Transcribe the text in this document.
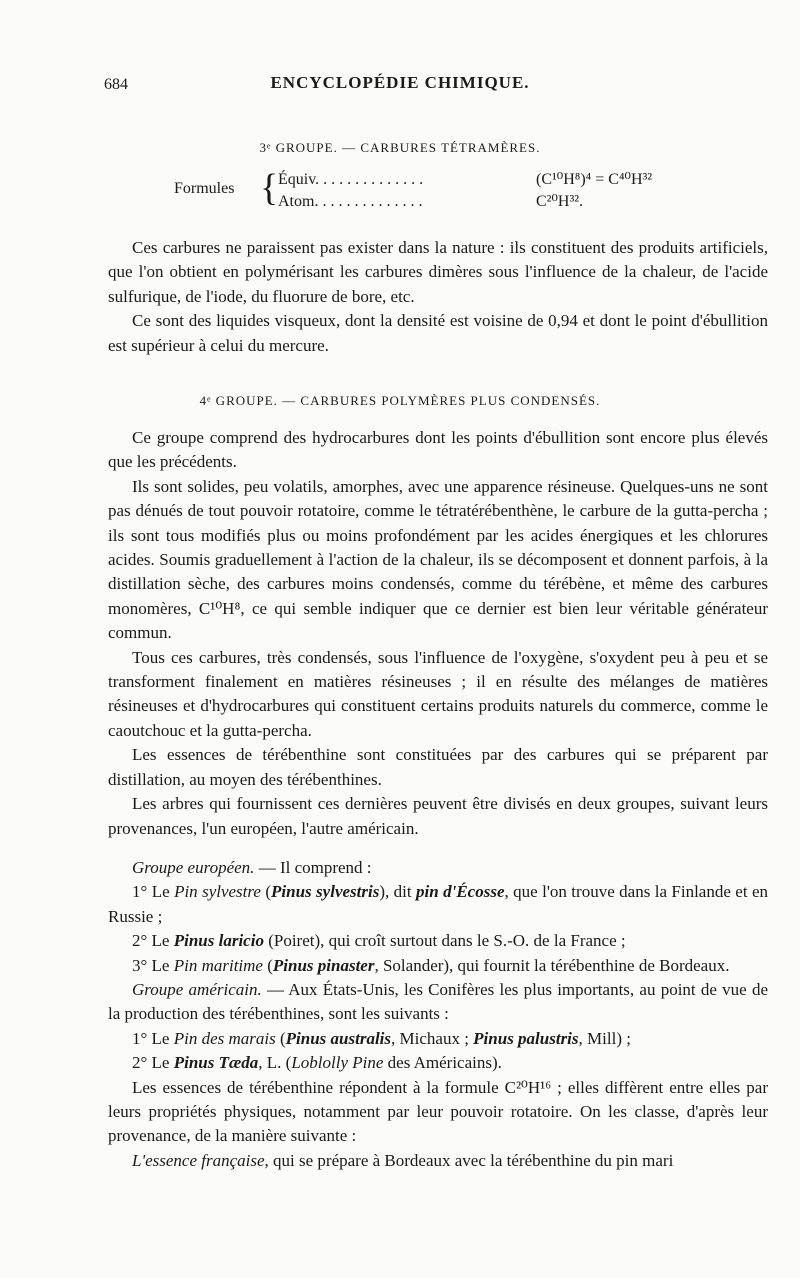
684	ENCYCLOPÉDIE CHIMIQUE.
3ᵉ GROUPE. — CARBURES TÉTRAMÈRES.
Formules { Équiv. . . . . . . . . . . . . .	(C¹⁰H⁸)⁴ = C⁴⁰H³²
Atom. . . . . . . . . . . . . .	C²⁰H³².

Ces carbures ne paraissent pas exister dans la nature : ils constituent des produits artificiels, que l'on obtient en polymérisant les carbures dimères sous l'influence de la chaleur, de l'acide sulfurique, de l'iode, du fluorure de bore, etc.

Ce sont des liquides visqueux, dont la densité est voisine de 0,94 et dont le point d'ébullition est supérieur à celui du mercure.

4ᵉ GROUPE. — CARBURES POLYMÈRES PLUS CONDENSÉS.

Ce groupe comprend des hydrocarbures dont les points d'ébullition sont encore plus élevés que les précédents.

Ils sont solides, peu volatils, amorphes, avec une apparence résineuse. Quelques-uns ne sont pas dénués de tout pouvoir rotatoire, comme le tétratérébenthène, le carbure de la gutta-percha ; ils sont tous modifiés plus ou moins profondément par les acides énergiques et les chlorures acides. Soumis graduellement à l'action de la chaleur, ils se décomposent et donnent parfois, à la distillation sèche, des carbures moins condensés, comme du térébène, et même des carbures monomères, C¹⁰H⁸, ce qui semble indiquer que ce dernier est bien leur véritable générateur commun.

Tous ces carbures, très condensés, sous l'influence de l'oxygène, s'oxydent peu à peu et se transforment finalement en matières résineuses ; il en résulte des mélanges de matières résineuses et d'hydrocarbures qui constituent certains produits naturels du commerce, comme le caoutchouc et la gutta-percha.

Les essences de térébenthine sont constituées par des carbures qui se préparent par distillation, au moyen des térébenthines.

Les arbres qui fournissent ces dernières peuvent être divisés en deux groupes, suivant leurs provenances, l'un européen, l'autre américain.

Groupe européen. — Il comprend :

1° Le Pin sylvestre (Pinus sylvestris), dit pin d'Écosse, que l'on trouve dans la Finlande et en Russie ;

2° Le Pinus laricio (Poiret), qui croît surtout dans le S.-O. de la France ;

3° Le Pin maritime (Pinus pinaster, Solander), qui fournit la térébenthine de Bordeaux.

Groupe américain. — Aux États-Unis, les Conifères les plus importants, au point de vue de la production des térébenthines, sont les suivants :

1° Le Pin des marais (Pinus australis, Michaux ; Pinus palustris, Mill) ;

2° Le Pinus Tæda, L. (Loblolly Pine des Américains).

Les essences de térébenthine répondent à la formule C²⁰H¹⁶ ; elles diffèrent entre elles par leurs propriétés physiques, notamment par leur pouvoir rotatoire. On les classe, d'après leur provenance, de la manière suivante :

L'essence française, qui se prépare à Bordeaux avec la térébenthine du pin mari
